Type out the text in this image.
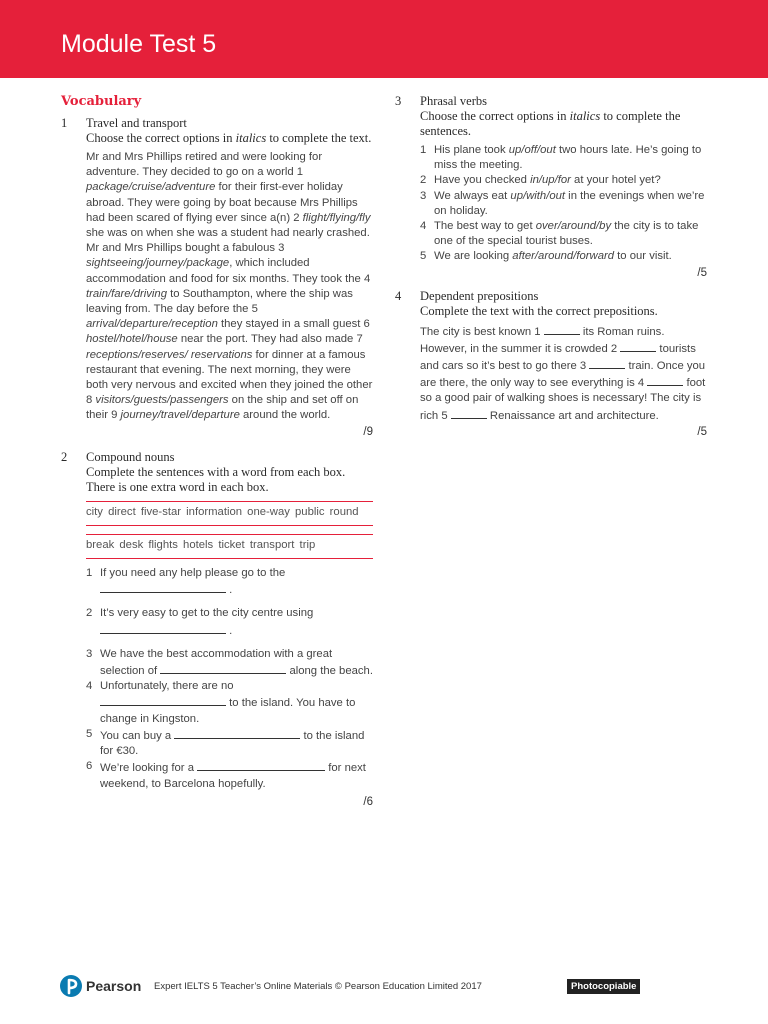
Module Test 5
Vocabulary
1 Travel and transport
Choose the correct options in italics to complete the text.
Mr and Mrs Phillips retired and were looking for adventure. They decided to go on a world 1 package/cruise/adventure for their first-ever holiday abroad. They were going by boat because Mrs Phillips had been scared of flying ever since a(n) 2 flight/flying/fly she was on when she was a student had nearly crashed. Mr and Mrs Phillips bought a fabulous 3 sightseeing/journey/package, which included accommodation and food for six months. They took the 4 train/fare/driving to Southampton, where the ship was leaving from. The day before the 5 arrival/departure/reception they stayed in a small guest 6 hostel/hotel/house near the port. They had also made 7 receptions/reserves/ reservations for dinner at a famous restaurant that evening. The next morning, they were both very nervous and excited when they joined the other 8 visitors/guests/passengers on the ship and set off on their 9 journey/travel/departure around the world.
/9
2 Compound nouns
Complete the sentences with a word from each box. There is one extra word in each box.
city direct five-star information one-way public round
break desk flights hotels ticket transport trip
1 If you need any help please go to the
.
2 It’s very easy to get to the city centre using
.
3 We have the best accommodation with a great selection of	along the beach.
4 Unfortunately, there are no
to the island. You have to change in Kingston.
5 You can buy a	to the island for €30.
6 We’re looking for a	for next weekend, to Barcelona hopefully.
/6
3 Phrasal verbs
Choose the correct options in italics to complete the sentences.
1 His plane took up/off/out two hours late. He’s going to miss the meeting.
2 Have you checked in/up/for at your hotel yet?
3 We always eat up/with/out in the evenings when we’re on holiday.
4 The best way to get over/around/by the city is to take one of the special tourist buses.
5 We are looking after/around/forward to our visit.
/5
4 Dependent prepositions
Complete the text with the correct prepositions.
The city is best known 1	its Roman ruins. However, in the summer it is crowded 2	tourists and cars so it’s best to go there 3	train. Once you are there, the only way to see everything is 4	foot so a good pair of walking shoes is necessary! The city is rich 5	Renaissance art and architecture.
/5
Pearson Expert IELTS 5 Teacher’s Online Materials © Pearson Education Limited 2017	Photocopiable
